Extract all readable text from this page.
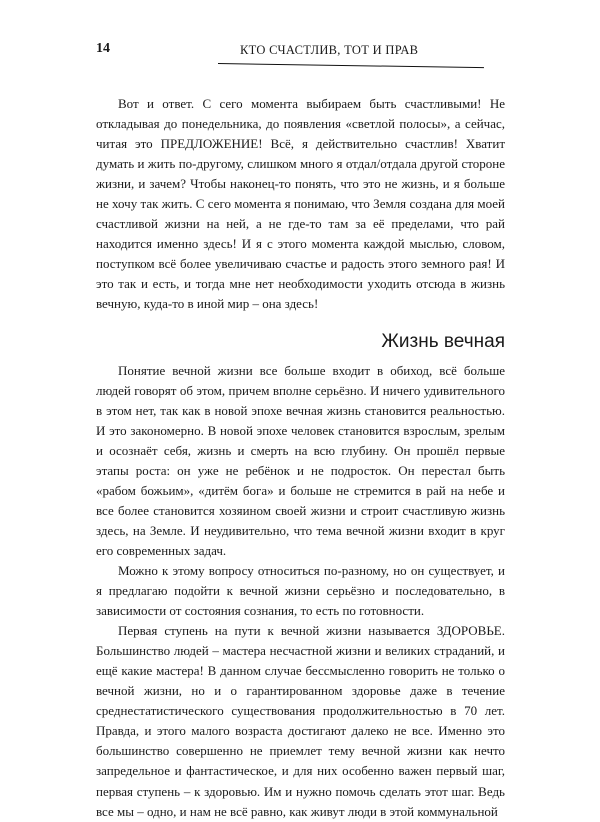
14	КТО СЧАСТЛИВ, ТОТ И ПРАВ

Вот и ответ. С сего момента выбираем быть счастливыми! Не откладывая до понедельника, до появления «светлой полосы», а сейчас, читая это ПРЕДЛОЖЕНИЕ! Всё, я действительно счастлив! Хватит думать и жить по-другому, слишком много я отдал/отдала другой стороне жизни, и зачем? Чтобы наконец-то понять, что это не жизнь, и я больше не хочу так жить. С сего момента я понимаю, что Земля создана для моей счастливой жизни на ней, а не где-то там за её пределами, что рай находится именно здесь! И я с этого момента каждой мыслью, словом, поступком всё более увеличиваю счастье и радость этого земного рая! И это так и есть, и тогда мне нет необходимости уходить отсюда в жизнь вечную, куда-то в иной мир – она здесь!

Жизнь вечная

Понятие вечной жизни все больше входит в обиход, всё больше людей говорят об этом, причем вполне серьёзно. И ничего удивительного в этом нет, так как в новой эпохе вечная жизнь становится реальностью. И это закономерно. В новой эпохе человек становится взрослым, зрелым и осознаёт себя, жизнь и смерть на всю глубину. Он прошёл первые этапы роста: он уже не ребёнок и не подросток. Он перестал быть «рабом божьим», «дитём бога» и больше не стремится в рай на небе и все более становится хозяином своей жизни и строит счастливую жизнь здесь, на Земле. И неудивительно, что тема вечной жизни входит в круг его современных задач.

Можно к этому вопросу относиться по-разному, но он существует, и я предлагаю подойти к вечной жизни серьёзно и последовательно, в зависимости от состояния сознания, то есть по готовности.

Первая ступень на пути к вечной жизни называется ЗДОРОВЬЕ. Большинство людей – мастера несчастной жизни и великих страданий, и ещё какие мастера! В данном случае бессмысленно говорить не только о вечной жизни, но и о гарантированном здоровье даже в течение среднестатистического существования продолжительностью в 70 лет. Правда, и этого малого возраста достигают далеко не все. Именно это большинство совершенно не приемлет тему вечной жизни как нечто запредельное и фантастическое, и для них особенно важен первый шаг, первая ступень – к здоровью. Им и нужно помочь сделать этот шаг. Ведь все мы – одно, и нам не всё равно, как живут люди в этой коммунальной
